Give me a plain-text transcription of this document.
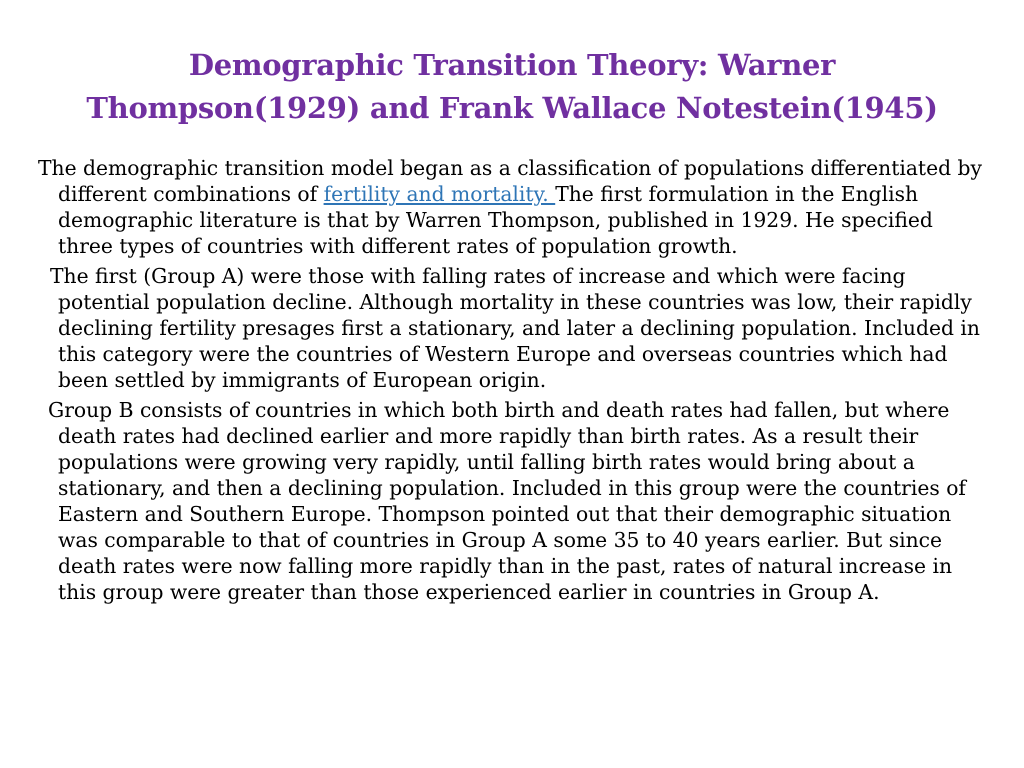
Demographic Transition Theory: Warner
Thompson(1929) and Frank Wallace Notestein(1945)

The demographic transition model began as a classification of populations differentiated by different combinations of fertility and mortality. The first formulation in the English demographic literature is that by Warren Thompson, published in 1929. He specified three types of countries with different rates of population growth.

The first (Group A) were those with falling rates of increase and which were facing potential population decline. Although mortality in these countries was low, their rapidly declining fertility presages first a stationary, and later a declining population. Included in this category were the countries of Western Europe and overseas countries which had been settled by immigrants of European origin.

Group B consists of countries in which both birth and death rates had fallen, but where death rates had declined earlier and more rapidly than birth rates. As a result their populations were growing very rapidly, until falling birth rates would bring about a stationary, and then a declining population. Included in this group were the countries of Eastern and Southern Europe. Thompson pointed out that their demographic situation was comparable to that of countries in Group A some 35 to 40 years earlier. But since death rates were now falling more rapidly than in the past, rates of natural increase in this group were greater than those experienced earlier in countries in Group A.
